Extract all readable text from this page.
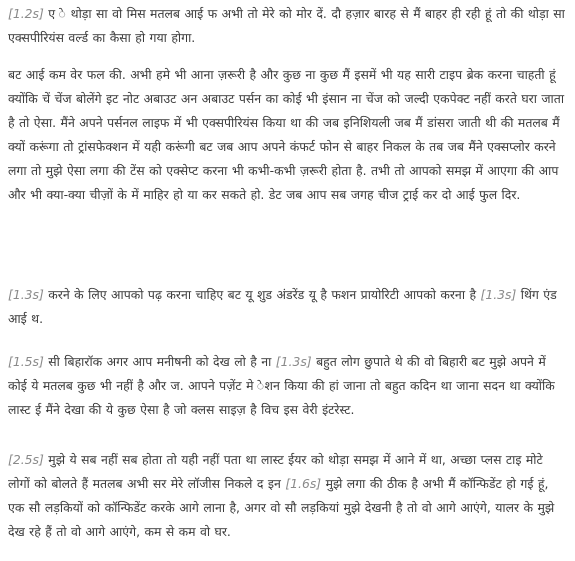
[1.2s] ए े थोड़ा सा वो मिस मतलब आई फ अभी तो मेरे को मोर दें. दौ हज़ार बारह से मैं बाहर ही रही हूं तो की थोड़ा सा एक्सपीरियंस वर्ल्ड का कैसा हो गया होगा.

बट आई कम वेर फल की. अभी हमे भी आना ज़रूरी है और कुछ ना कुछ मैं इसमें भी यह सारी टाइप ब्रेक करना चाहती हूं क्योंकि चें चेंज बोलेंगे इट नोट अबाउट अन अबाउट पर्सन का कोई भी इंसान ना चेंज को जल्दी एकपेक्ट नहीं करते घरा जाता है तो ऐसा. मैंने अपने पर्सनल लाइफ में भी एक्सपीरियंस किया था की जब इनिशियली जब मैं डांसरा जाती थी की मतलब मैं क्यों करूंगा तो ट्रांसफेक्शन में यही करूंगी बट जब आप अपने कंफर्ट फोन से बाहर निकल के तब जब मैंने एक्सप्लोर करने लगा तो मुझे ऐसा लगा की टेंस को एक्सेप्ट करना भी कभी-कभी ज़रूरी होता है. तभी तो आपको समझ में आएगा की आप और भी क्या-क्या चीज़ों के में माहिर हो या कर सकते हो. डेट जब आप सब जगह चीज ट्राई कर दो आई फुल दिर.

[1.3s] करने के लिए आपको पढ़ करना चाहिए बट यू शुड अंडरेंड यू है फशन प्रायोरिटी आपको करना है [1.3s] थिंग एंड आई थ.

[1.5s] सी बिहारॉक अगर आप मनीषनी को देख लो है ना [1.3s] बहुत लोग छुपाते थे की वो बिहारी बट मुझे अपने में कोई ये मतलब कुछ भी नहीं है और ज. आपने पज़ेंट मे ेशन किया की हां जाना तो बहुत कदिन था जाना सदन था क्योंकि लास्ट ई मैंने देखा की ये कुछ ऐसा है जो क्लस साइज़ है विच इस वेरी इंटरेस्ट.

[2.5s] मुझे ये सब नहीं सब होता तो यही नहीं पता था लास्ट ईयर को थोड़ा समझ में आने में था, अच्छा प्लस टाइ मोटे लोगों को बोलते हैं मतलब अभी सर मेरे लॉजीस निकले द इन [1.6s] मुझे लगा की ठीक है अभी मैं कॉन्फिडेंट हो गई हूं, एक सौ लड़कियों को कॉन्फिडेंट करके आगे लाना है, अगर वो सौ लड़कियां मुझे देखनी है तो वो आगे आएंगे, यालर के मुझे देख रहे हैं तो वो आगे आएंगे, कम से कम वो घर.
